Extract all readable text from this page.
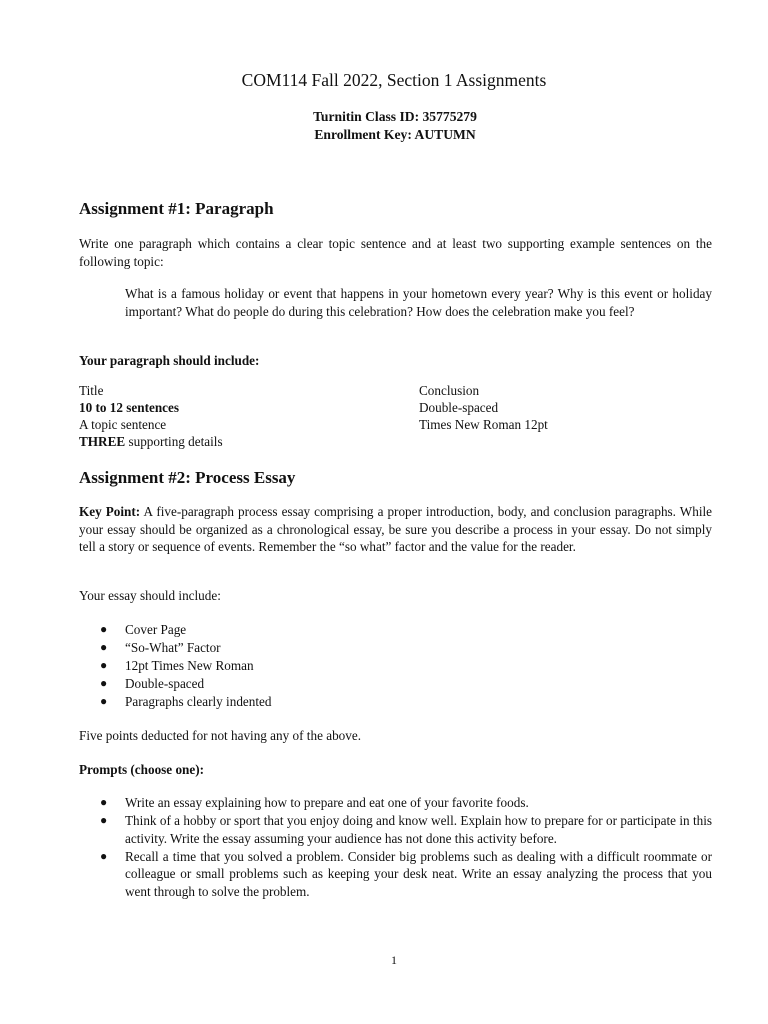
COM114 Fall 2022, Section 1 Assignments
Turnitin Class ID: 35775279
Enrollment Key: AUTUMN
Assignment #1: Paragraph
Write one paragraph which contains a clear topic sentence and at least two supporting example sentences on the following topic:
What is a famous holiday or event that happens in your hometown every year? Why is this event or holiday important? What do people do during this celebration? How does the celebration make you feel?
Your paragraph should include:
Title
10 to 12 sentences
A topic sentence
THREE supporting details
Conclusion
Double-spaced
Times New Roman 12pt
Assignment #2: Process Essay
Key Point: A five-paragraph process essay comprising a proper introduction, body, and conclusion paragraphs. While your essay should be organized as a chronological essay, be sure you describe a process in your essay. Do not simply tell a story or sequence of events. Remember the “so what” factor and the value for the reader.
Your essay should include:
● Cover Page
● “So-What” Factor
● 12pt Times New Roman
● Double-spaced
● Paragraphs clearly indented
Five points deducted for not having any of the above.
Prompts (choose one):
● Write an essay explaining how to prepare and eat one of your favorite foods.
● Think of a hobby or sport that you enjoy doing and know well. Explain how to prepare for or participate in this activity. Write the essay assuming your audience has not done this activity before.
● Recall a time that you solved a problem. Consider big problems such as dealing with a difficult roommate or colleague or small problems such as keeping your desk neat. Write an essay analyzing the process that you went through to solve the problem.
1
